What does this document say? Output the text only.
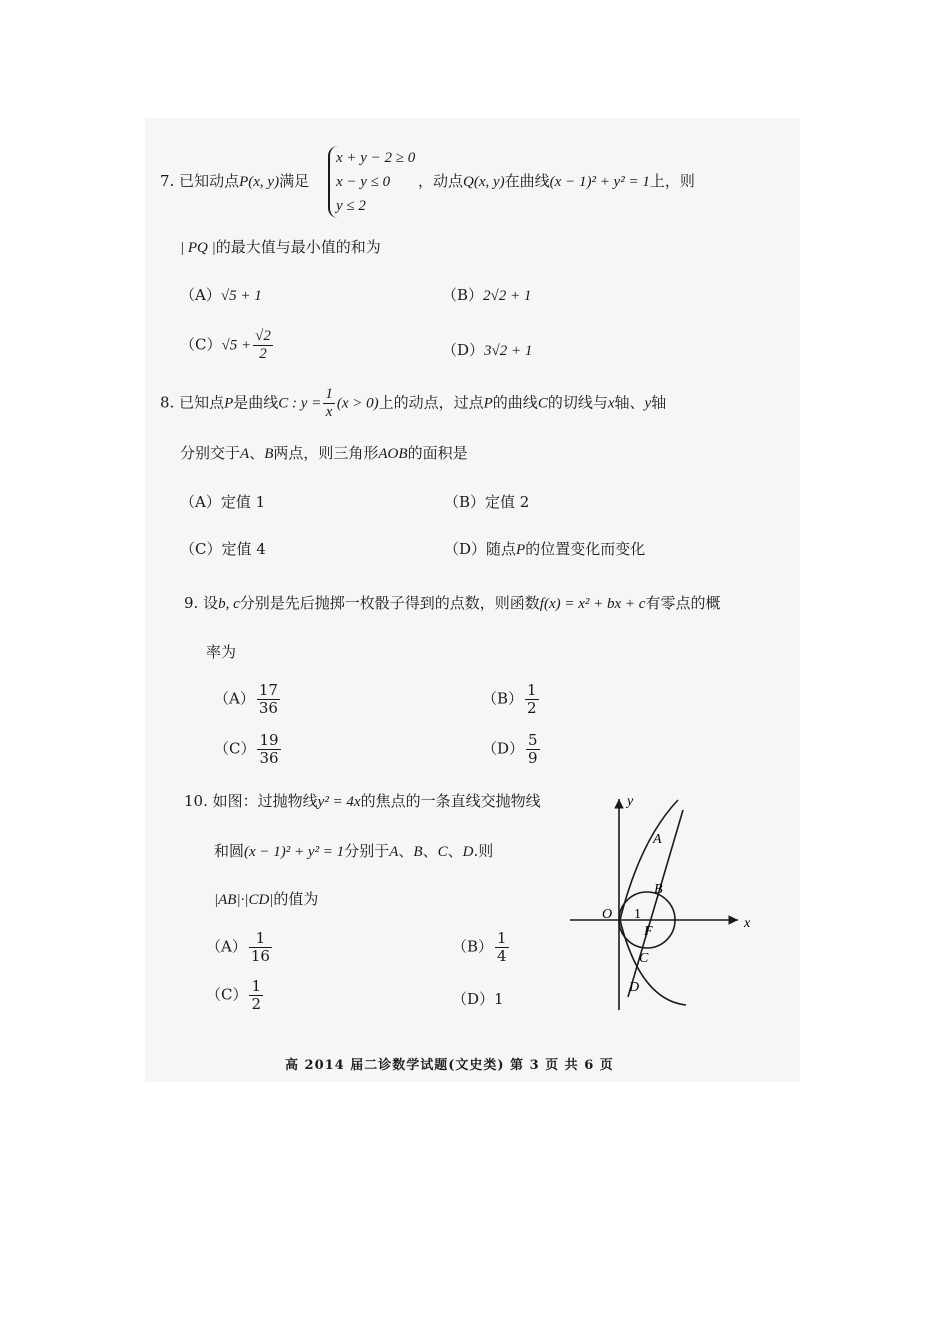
7. 已知动点P(x, y)满足
x + y − 2 ≥ 0
x − y ≤ 0
y ≤ 2
，动点Q(x, y)在曲线(x − 1)² + y² = 1上，则
| PQ |的最大值与最小值的和为
（A）√5 + 1	（B）2√2 + 1
$(C)√5 + \frac{√2}{2}$	（D）3√2 + 1
8. 已知点P是曲线C : $y = \frac{1}{x} (x > 0)$上的动点，过点P的曲线C的切线与x轴、y轴
分别交于A、B两点，则三角形AOB的面积是
（A）定值 1	（B）定值 2
（C）定值 4	（D）随点P的位置变化而变化
9. 设b, c分别是先后抛掷一枚骰子得到的点数，则函数f(x) = x² + bx + c有零点的概
率为
$(A) \frac{17}{36}$	$(B) \frac{1}{2}$
$(C) \frac{19}{36}$	$(D) \frac{5}{9}$
10. 如图：过抛物线y² = 4x的焦点的一条直线交抛物线
和圆(x − 1)² + y² = 1分别于A、B、C、D.则
|AB|·|CD|的值为
$(A) \frac{1}{16}$	$(B) \frac{1}{4}$
$(C) \frac{1}{2}$	（D）1
y
x
O 1
A
B
F
C
D
高 2014 届二诊数学试题(文史类) 第 3 页 共 6 页
